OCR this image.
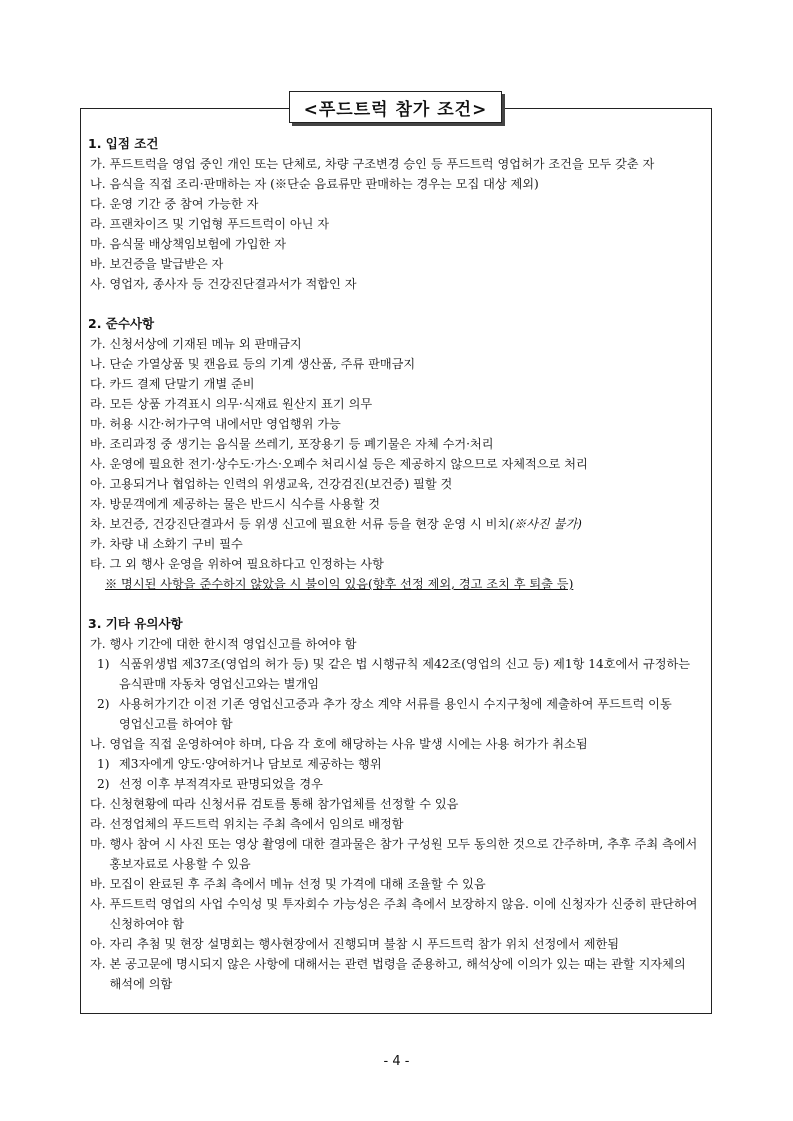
<푸드트럭 참가 조건>
1. 입점 조건
가. 푸드트럭을 영업 중인 개인 또는 단체로, 차량 구조변경 승인 등 푸드트럭 영업허가 조건을 모두 갖춘 자
나. 음식을 직접 조리·판매하는 자 (※단순 음료류만 판매하는 경우는 모집 대상 제외)
다. 운영 기간 중 참여 가능한 자
라. 프랜차이즈 및 기업형 푸드트럭이 아닌 자
마. 음식물 배상책임보험에 가입한 자
바. 보건증을 발급받은 자
사. 영업자, 종사자 등 건강진단결과서가 적합인 자
2. 준수사항
가. 신청서상에 기재된 메뉴 외 판매금지
나. 단순 가열상품 및 캔음료 등의 기계 생산품, 주류 판매금지
다. 카드 결제 단말기 개별 준비
라. 모든 상품 가격표시 의무·식재료 원산지 표기 의무
마. 허용 시간·허가구역 내에서만 영업행위 가능
바. 조리과정 중 생기는 음식물 쓰레기, 포장용기 등 폐기물은 자체 수거·처리
사. 운영에 필요한 전기·상수도·가스·오폐수 처리시설 등은 제공하지 않으므로 자체적으로 처리
아. 고용되거나 협업하는 인력의 위생교육, 건강검진(보건증) 필할 것
자. 방문객에게 제공하는 물은 반드시 식수를 사용할 것
차. 보건증, 건강진단결과서 등 위생 신고에 필요한 서류 등을 현장 운영 시 비치(※사진 불가)
카. 차량 내 소화기 구비 필수
타. 그 외 행사 운영을 위하여 필요하다고 인정하는 사항
※ 명시된 사항을 준수하지 않았을 시 불이익 있음(향후 선정 제외, 경고 조치 후 퇴출 등)
3. 기타 유의사항
가. 행사 기간에 대한 한시적 영업신고를 하여야 함
1) 식품위생법 제37조(영업의 허가 등) 및 같은 법 시행규칙 제42조(영업의 신고 등) 제1항 14호에서 규정하는 음식판매 자동차 영업신고와는 별개임
2) 사용허가기간 이전 기존 영업신고증과 추가 장소 계약 서류를 용인시 수지구청에 제출하여 푸드트럭 이동 영업신고를 하여야 함
나. 영업을 직접 운영하여야 하며, 다음 각 호에 해당하는 사유 발생 시에는 사용 허가가 취소됨
1) 제3자에게 양도·양여하거나 담보로 제공하는 행위
2) 선정 이후 부적격자로 판명되었을 경우
다. 신청현황에 따라 신청서류 검토를 통해 참가업체를 선정할 수 있음
라. 선정업체의 푸드트럭 위치는 주최 측에서 임의로 배정함
마. 행사 참여 시 사진 또는 영상 촬영에 대한 결과물은 참가 구성원 모두 동의한 것으로 간주하며, 추후 주최 측에서 홍보자료로 사용할 수 있음
바. 모집이 완료된 후 주최 측에서 메뉴 선정 및 가격에 대해 조율할 수 있음
사. 푸드트럭 영업의 사업 수익성 및 투자회수 가능성은 주최 측에서 보장하지 않음. 이에 신청자가 신중히 판단하여 신청하여야 함
아. 자리 추첨 및 현장 설명회는 행사현장에서 진행되며 불참 시 푸드트럭 참가 위치 선정에서 제한됨
자. 본 공고문에 명시되지 않은 사항에 대해서는 관련 법령을 준용하고, 해석상에 이의가 있는 때는 관할 지자체의 해석에 의함
- 4 -
